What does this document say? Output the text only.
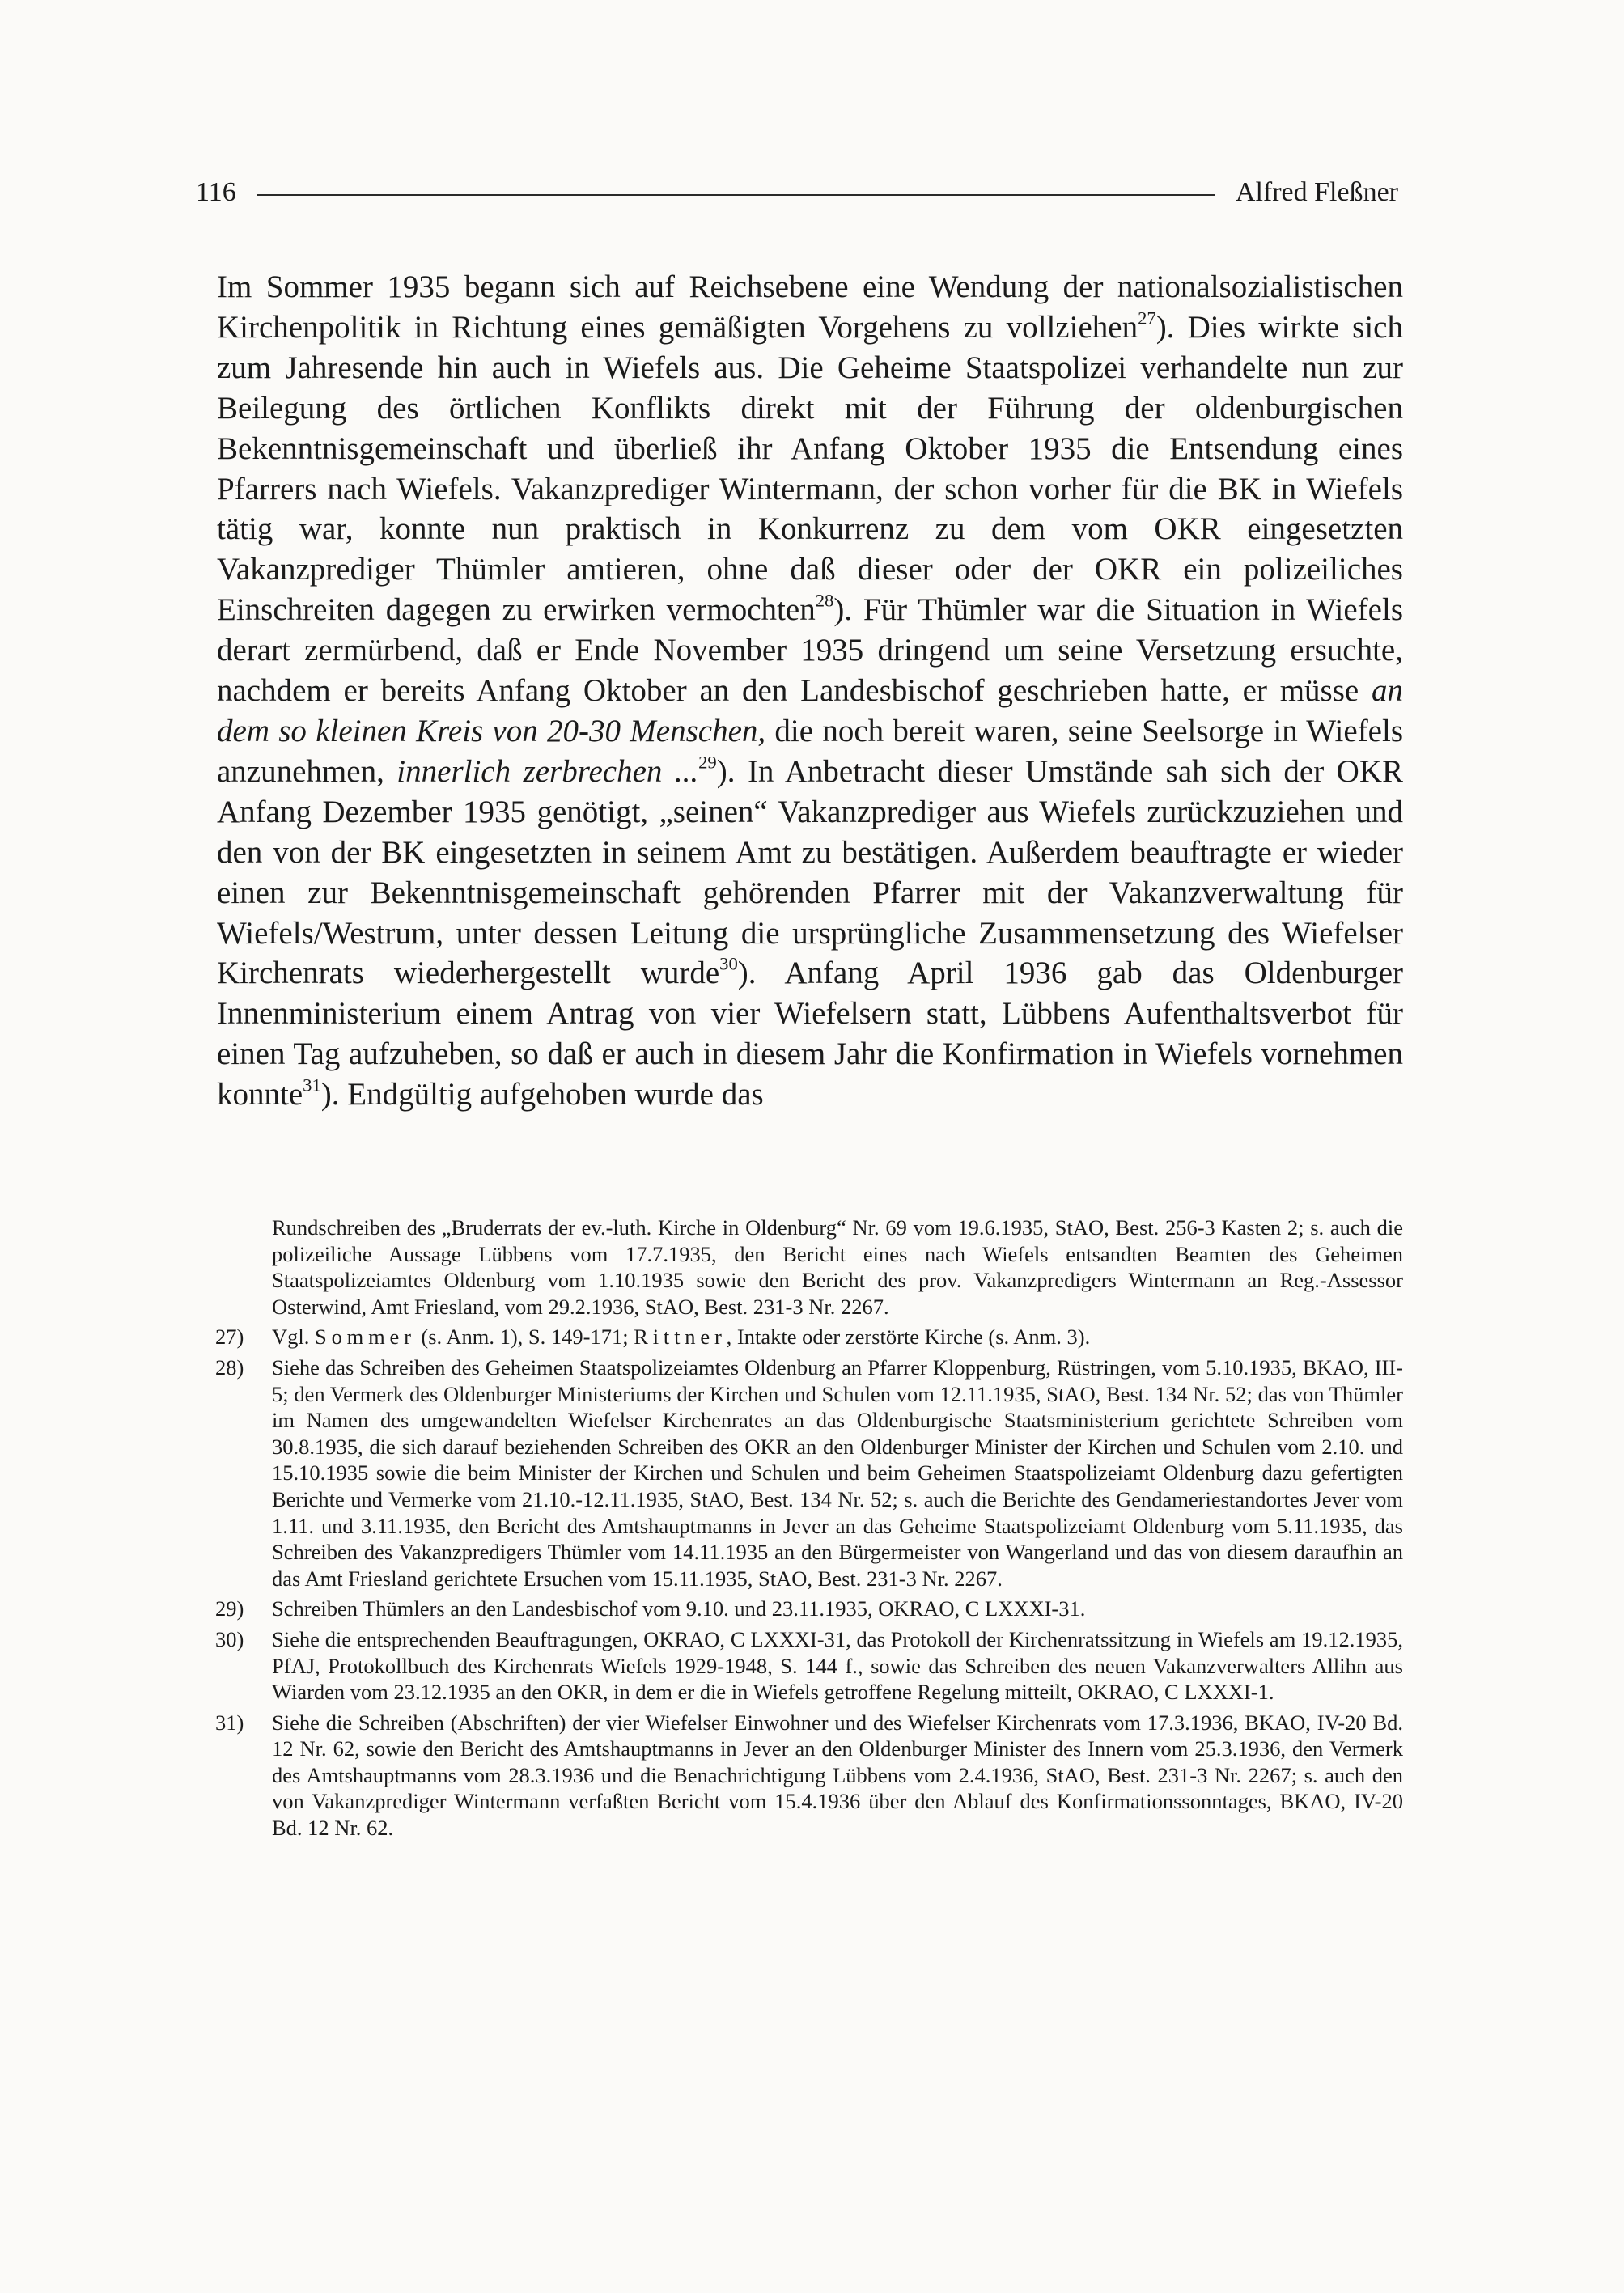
116	Alfred Fleßner

Im Sommer 1935 begann sich auf Reichsebene eine Wendung der nationalsozialistischen Kirchenpolitik in Richtung eines gemäßigten Vorgehens zu vollziehen$^{27}$). Dies wirkte sich zum Jahresende hin auch in Wiefels aus. Die Geheime Staatspolizei verhandelte nun zur Beilegung des örtlichen Konflikts direkt mit der Führung der oldenburgischen Bekenntnisgemeinschaft und überließ ihr Anfang Oktober 1935 die Entsendung eines Pfarrers nach Wiefels. Vakanzprediger Wintermann, der schon vorher für die BK in Wiefels tätig war, konnte nun praktisch in Konkurrenz zu dem vom OKR eingesetzten Vakanzprediger Thümler amtieren, ohne daß dieser oder der OKR ein polizeiliches Einschreiten dagegen zu erwirken vermochten$^{28}$). Für Thümler war die Situation in Wiefels derart zermürbend, daß er Ende November 1935 dringend um seine Versetzung ersuchte, nachdem er bereits Anfang Oktober an den Landesbischof geschrieben hatte, er müsse an dem so kleinen Kreis von 20-30 Menschen, die noch bereit waren, seine Seelsorge in Wiefels anzunehmen, innerlich zerbrechen ...$^{29}$). In Anbetracht dieser Umstände sah sich der OKR Anfang Dezember 1935 genötigt, „seinen“ Vakanzprediger aus Wiefels zurückzuziehen und den von der BK eingesetzten in seinem Amt zu bestätigen. Außerdem beauftragte er wieder einen zur Bekenntnisgemeinschaft gehörenden Pfarrer mit der Vakanzverwaltung für Wiefels/Westrum, unter dessen Leitung die ursprüngliche Zusammensetzung des Wiefelser Kirchenrats wiederhergestellt wurde$^{30}$). Anfang April 1936 gab das Oldenburger Innenministerium einem Antrag von vier Wiefelsern statt, Lübbens Aufenthaltsverbot für einen Tag aufzuheben, so daß er auch in diesem Jahr die Konfirmation in Wiefels vornehmen konnte$^{31}$). Endgültig aufgehoben wurde das

Rundschreiben des „Bruderrats der ev.-luth. Kirche in Oldenburg“ Nr. 69 vom 19.6.1935, StAO, Best. 256-3 Kasten 2; s. auch die polizeiliche Aussage Lübbens vom 17.7.1935, den Bericht eines nach Wiefels entsandten Beamten des Geheimen Staatspolizeiamtes Oldenburg vom 1.10.1935 sowie den Bericht des prov. Vakanzpredigers Wintermann an Reg.-Assessor Osterwind, Amt Friesland, vom 29.2.1936, StAO, Best. 231-3 Nr. 2267.
27)	Vgl. Sommer (s. Anm. 1), S. 149-171; Rittner, Intakte oder zerstörte Kirche (s. Anm. 3).
28)	Siehe das Schreiben des Geheimen Staatspolizeiamtes Oldenburg an Pfarrer Kloppenburg, Rüstringen, vom 5.10.1935, BKAO, III-5; den Vermerk des Oldenburger Ministeriums der Kirchen und Schulen vom 12.11.1935, StAO, Best. 134 Nr. 52; das von Thümler im Namen des umgewandelten Wiefelser Kirchenrates an das Oldenburgische Staatsministerium gerichtete Schreiben vom 30.8.1935, die sich darauf beziehenden Schreiben des OKR an den Oldenburger Minister der Kirchen und Schulen vom 2.10. und 15.10.1935 sowie die beim Minister der Kirchen und Schulen und beim Geheimen Staatspolizeiamt Oldenburg dazu gefertigten Berichte und Vermerke vom 21.10.-12.11.1935, StAO, Best. 134 Nr. 52; s. auch die Berichte des Gendameriestandortes Jever vom 1.11. und 3.11.1935, den Bericht des Amtshauptmanns in Jever an das Geheime Staatspolizeiamt Oldenburg vom 5.11.1935, das Schreiben des Vakanzpredigers Thümler vom 14.11.1935 an den Bürgermeister von Wangerland und das von diesem daraufhin an das Amt Friesland gerichtete Ersuchen vom 15.11.1935, StAO, Best. 231-3 Nr. 2267.
29)	Schreiben Thümlers an den Landesbischof vom 9.10. und 23.11.1935, OKRAO, C LXXXI-31.
30)	Siehe die entsprechenden Beauftragungen, OKRAO, C LXXXI-31, das Protokoll der Kirchenratssitzung in Wiefels am 19.12.1935, PfAJ, Protokollbuch des Kirchenrats Wiefels 1929-1948, S. 144 f., sowie das Schreiben des neuen Vakanzverwalters Allihn aus Wiarden vom 23.12.1935 an den OKR, in dem er die in Wiefels getroffene Regelung mitteilt, OKRAO, C LXXXI-1.
31)	Siehe die Schreiben (Abschriften) der vier Wiefelser Einwohner und des Wiefelser Kirchenrats vom 17.3.1936, BKAO, IV-20 Bd. 12 Nr. 62, sowie den Bericht des Amtshauptmanns in Jever an den Oldenburger Minister des Innern vom 25.3.1936, den Vermerk des Amtshauptmanns vom 28.3.1936 und die Benachrichtigung Lübbens vom 2.4.1936, StAO, Best. 231-3 Nr. 2267; s. auch den von Vakanzprediger Wintermann verfaßten Bericht vom 15.4.1936 über den Ablauf des Konfirmationssonntages, BKAO, IV-20 Bd. 12 Nr. 62.
